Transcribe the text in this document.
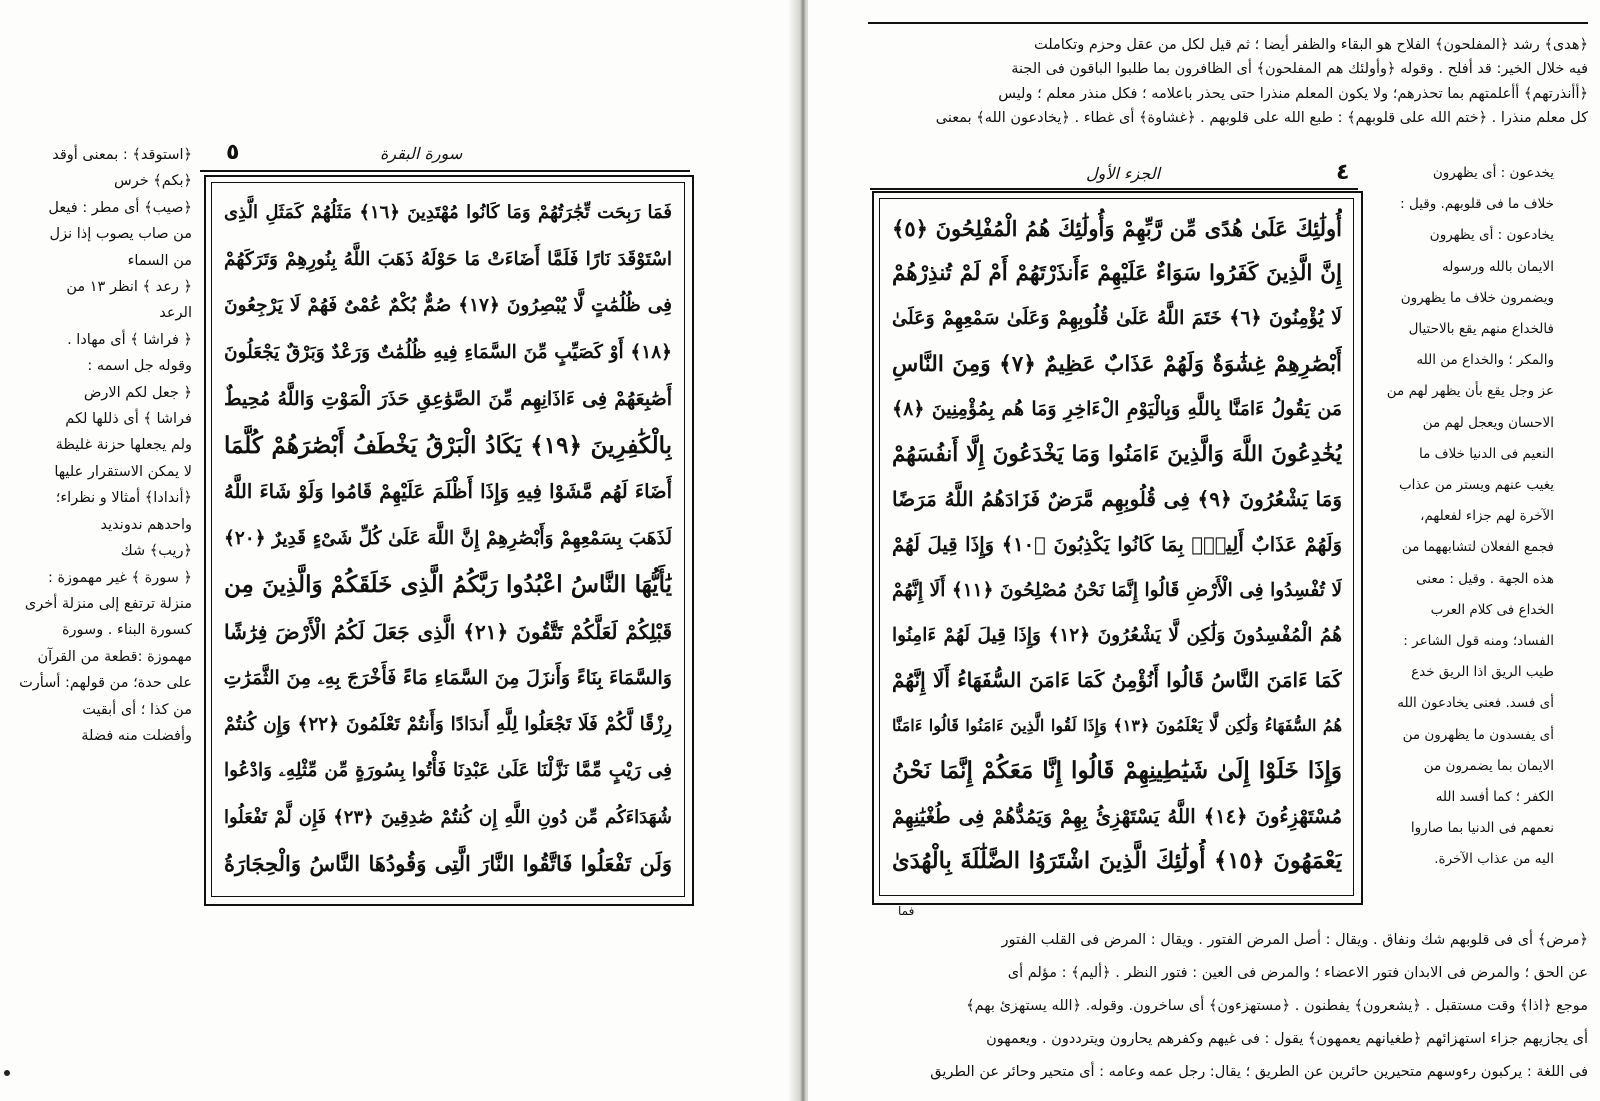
٥	سورة البقرة
فَمَا رَبِحَت تِّجَٰرَتُهُمْ وَمَا كَانُوا مُهْتَدِينَ ﴿١٦﴾ مَثَلُهُمْ كَمَثَلِ الَّذِى
اسْتَوْقَدَ نَارًا فَلَمَّا أَضَاءَتْ مَا حَوْلَهُ ذَهَبَ اللَّهُ بِنُورِهِمْ وَتَرَكَهُمْ
فِى ظُلُمَٰتٍ لَّا يُبْصِرُونَ ﴿١٧﴾ صُمٌّ بُكْمٌ عُمْىٌ فَهُمْ لَا يَرْجِعُونَ
﴿١٨﴾ أَوْ كَصَيِّبٍ مِّنَ السَّمَاءِ فِيهِ ظُلُمَٰتٌ وَرَعْدٌ وَبَرْقٌ يَجْعَلُونَ
أَصَٰبِعَهُمْ فِى ءَاذَانِهِم مِّنَ الصَّوَٰعِقِ حَذَرَ الْمَوْتِ وَاللَّهُ مُحِيطٌ
بِالْكَٰفِرِينَ ﴿١٩﴾ يَكَادُ الْبَرْقُ يَخْطَفُ أَبْصَٰرَهُمْ كُلَّمَا
أَضَاءَ لَهُم مَّشَوْا فِيهِ وَإِذَا أَظْلَمَ عَلَيْهِمْ قَامُوا وَلَوْ شَاءَ اللَّهُ
لَذَهَبَ بِسَمْعِهِمْ وَأَبْصَٰرِهِمْ إِنَّ اللَّهَ عَلَىٰ كُلِّ شَىْءٍ قَدِيرٌ ﴿٢٠﴾
يَٰأَيُّهَا النَّاسُ اعْبُدُوا رَبَّكُمُ الَّذِى خَلَقَكُمْ وَالَّذِينَ مِن
قَبْلِكُمْ لَعَلَّكُمْ تَتَّقُونَ ﴿٢١﴾ الَّذِى جَعَلَ لَكُمُ الْأَرْضَ فِرَٰشًا
وَالسَّمَاءَ بِنَاءً وَأَنزَلَ مِنَ السَّمَاءِ مَاءً فَأَخْرَجَ بِهِۦ مِنَ الثَّمَرَٰتِ
رِزْقًا لَّكُمْ فَلَا تَجْعَلُوا لِلَّهِ أَندَادًا وَأَنتُمْ تَعْلَمُونَ ﴿٢٢﴾ وَإِن كُنتُمْ
فِى رَيْبٍ مِّمَّا نَزَّلْنَا عَلَىٰ عَبْدِنَا فَأْتُوا بِسُورَةٍ مِّن مِّثْلِهِۦ وَادْعُوا
شُهَدَاءَكُم مِّن دُونِ اللَّهِ إِن كُنتُمْ صَٰدِقِينَ ﴿٢٣﴾ فَإِن لَّمْ تَفْعَلُوا
وَلَن تَفْعَلُوا فَاتَّقُوا النَّارَ الَّتِى وَقُودُهَا النَّاسُ وَالْحِجَارَةُ
﴿استوقد﴾ : بمعنى أوقد
﴿بكم﴾ خرس
﴿صيب﴾ أى مطر : فيعل
من صاب يصوب إذا نزل
من السماء
﴿ رعد ﴾ انظر ١٣ من
الرعد
﴿ فراشا ﴾ أى مهادا .
وقوله جل اسمه :
﴿ جعل لكم الارض
فراشا ﴾ أى ذللها لكم
ولم يجعلها حزنة غليظة
لا يمكن الاستقرار عليها
﴿أندادا﴾ أمثالا و نظراء؛
واحدهم ندونديد
﴿ريب﴾ شك
﴿ سورة ﴾ غير مهموزة :
منزلة ترتفع إلى منزلة أخرى
كسورة البناء . وسورة
مهموزة :قطعة من القرآن
على حدة؛ من قولهم: أسأرت
من كذا ؛ أى أبقيت
وأفضلت منه فضلة
﴿هدى﴾ رشد ﴿المفلحون﴾ الفلاح هو البقاء والظفر أيضا ؛ ثم قيل لكل من عقل وحزم وتكاملت
فيه خلال الخير: قد أفلح . وقوله ﴿وأولئك هم المفلحون﴾ أى الظافرون بما طلبوا الباقون فى الجنة
﴿أأنذرتهم﴾ أأعلمتهم بما تحذرهم؛ ولا يكون المعلم منذرا حتى يحذر باعلامه ؛ فكل منذر معلم ؛ وليس
كل معلم منذرا . ﴿ختم الله على قلوبهم﴾ : طبع الله على قلوبهم . ﴿غشاوة﴾ أى غطاء . ﴿يخادعون الله﴾ بمعنى
٤
الجزء الأول
أُولَٰئِكَ عَلَىٰ هُدًى مِّن رَّبِّهِمْ وَأُولَٰئِكَ هُمُ الْمُفْلِحُونَ ﴿٥﴾
إِنَّ الَّذِينَ كَفَرُوا سَوَاءٌ عَلَيْهِمْ ءَأَنذَرْتَهُمْ أَمْ لَمْ تُنذِرْهُمْ
لَا يُؤْمِنُونَ ﴿٦﴾ خَتَمَ اللَّهُ عَلَىٰ قُلُوبِهِمْ وَعَلَىٰ سَمْعِهِمْ وَعَلَىٰ
أَبْصَٰرِهِمْ غِشَٰوَةٌ وَلَهُمْ عَذَابٌ عَظِيمٌ ﴿٧﴾ وَمِنَ النَّاسِ
مَن يَقُولُ ءَامَنَّا بِاللَّهِ وَبِالْيَوْمِ الْءَاخِرِ وَمَا هُم بِمُؤْمِنِينَ ﴿٨﴾
يُخَٰدِعُونَ اللَّهَ وَالَّذِينَ ءَامَنُوا وَمَا يَخْدَعُونَ إِلَّا أَنفُسَهُمْ
وَمَا يَشْعُرُونَ ﴿٩﴾ فِى قُلُوبِهِم مَّرَضٌ فَزَادَهُمُ اللَّهُ مَرَضًا
وَلَهُمْ عَذَابٌ أَلِيمٌۢ بِمَا كَانُوا يَكْذِبُونَ ﴿١٠﴾ وَإِذَا قِيلَ لَهُمْ
لَا تُفْسِدُوا فِى الْأَرْضِ قَالُوا إِنَّمَا نَحْنُ مُصْلِحُونَ ﴿١١﴾ أَلَا إِنَّهُمْ
هُمُ الْمُفْسِدُونَ وَلَٰكِن لَّا يَشْعُرُونَ ﴿١٢﴾ وَإِذَا قِيلَ لَهُمْ ءَامِنُوا
كَمَا ءَامَنَ النَّاسُ قَالُوا أَنُؤْمِنُ كَمَا ءَامَنَ السُّفَهَاءُ أَلَا إِنَّهُمْ
هُمُ السُّفَهَاءُ وَلَٰكِن لَّا يَعْلَمُونَ ﴿١٣﴾ وَإِذَا لَقُوا الَّذِينَ ءَامَنُوا قَالُوا ءَامَنَّا
وَإِذَا خَلَوْا إِلَىٰ شَيَٰطِينِهِمْ قَالُوا إِنَّا مَعَكُمْ إِنَّمَا نَحْنُ
مُسْتَهْزِءُونَ ﴿١٤﴾ اللَّهُ يَسْتَهْزِئُ بِهِمْ وَيَمُدُّهُمْ فِى طُغْيَٰنِهِمْ
يَعْمَهُونَ ﴿١٥﴾ أُولَٰئِكَ الَّذِينَ اشْتَرَوُا الضَّلَٰلَةَ بِالْهُدَىٰ
فما
يخدعون : أى يظهرون
خلاف ما فى قلوبهم. وقيل :
يخادعون : أى يظهرون
الايمان بالله ورسوله
ويضمرون خلاف ما يظهرون
فالخداع منهم يقع بالاحتيال
والمكر ؛ والخداع من الله
عز وجل يقع بأن يظهر لهم من
الاحسان ويعجل لهم من
النعيم فى الدنيا خلاف ما
يغيب عنهم ويستر من عذاب
الآخرة لهم جزاء لفعلهم،
فجمع الفعلان لتشابههما من
هذه الجهة . وقيل : معنى
الخداع فى كلام العرب
الفساد؛ ومنه قول الشاعر :
طيب الريق اذا الريق خدع
أى فسد. فعنى يخادعون الله
أى يفسدون ما يظهرون من
الايمان بما يضمرون من
الكفر ؛ كما أفسد الله
نعمهم فى الدنيا بما صاروا
اليه من عذاب الآخرة.
﴿مرض﴾ أى فى قلوبهم شك ونفاق . ويقال : أصل المرض الفتور . ويقال : المرض فى القلب الفتور
عن الحق ؛ والمرض فى الابدان فتور الاعضاء ؛ والمرض فى العين : فتور النظر . ﴿أليم﴾ : مؤلم أى
موجع ﴿اذا﴾ وقت مستقبل . ﴿يشعرون﴾ يفطنون . ﴿مستهزءون﴾ أى ساخرون. وقوله. ﴿الله يستهزئ بهم﴾
أى يجازيهم جزاء استهزائهم ﴿طغيانهم يعمهون﴾ يقول : فى غيهم وكفرهم يحارون ويترددون . ويعمهون
فى اللغة : يركبون رءوسهم متحيرين حائرين عن الطريق ؛ يقال: رجل عمه وعامه : أى متحير وحائر عن الطريق
